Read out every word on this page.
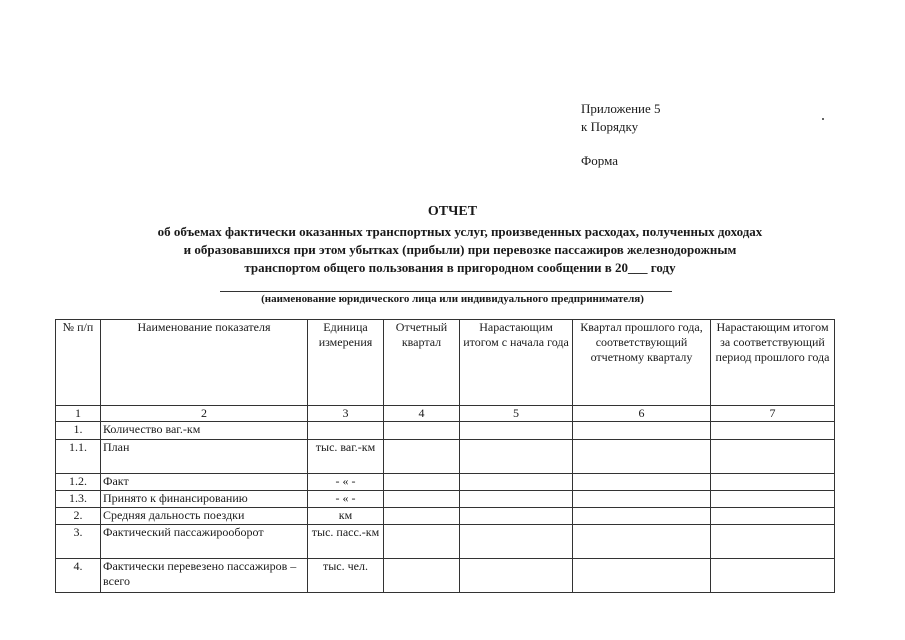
Приложение 5
к Порядку
Форма
ОТЧЕТ
об объемах фактически оказанных транспортных услуг, произведенных расходах, полученных доходах
и образовавшихся при этом убытках (прибыли) при перевозке пассажиров железнодорожным
транспортом общего пользования в пригородном сообщении в 20___ году
(наименование юридического лица или индивидуального предпринимателя)
№ п/п	Наименование показателя	Единица измерения	Отчетный квартал	Нарастающим итогом с начала года	Квартал прошлого года, соответствующий отчетному кварталу	Нарастающим итогом за соответствующий период прошлого года
1	2	3	4	5	6	7
1.	Количество ваг.-км					
1.1.	План	тыс. ваг.-км				
1.2.	Факт	- « -				
1.3.	Принято к финансированию	- « -				
2.	Средняя дальность поездки	км				
3.	Фактический пассажирооборот	тыс. пасс.-км				
4.	Фактически перевезено пассажиров – всего	тыс. чел.				
